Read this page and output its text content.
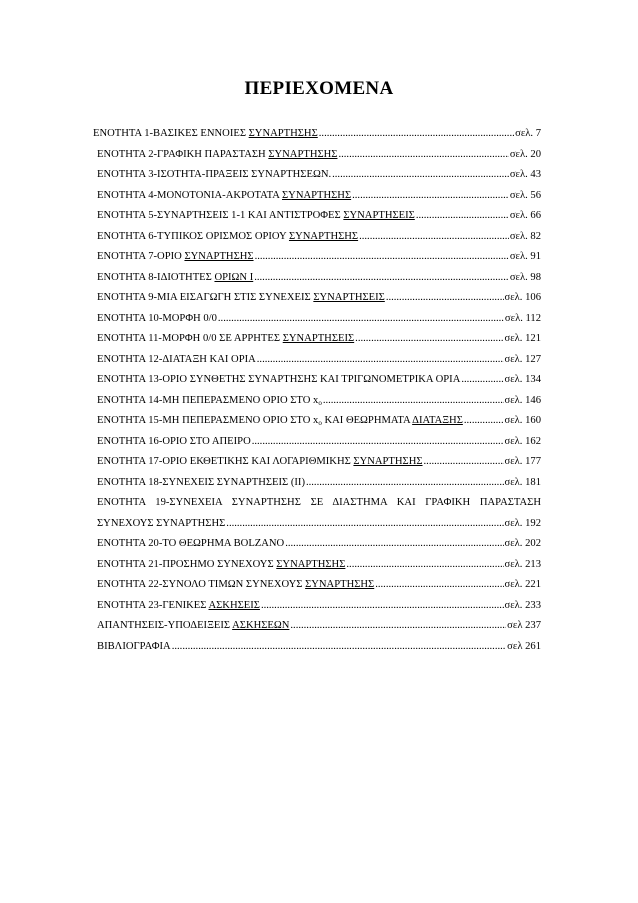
ΠΕΡΙΕΧΟΜΕΝΑ
ΕΝΟΤΗΤΑ 1-ΒΑΣΙΚΕΣ ΕΝΝΟΙΕΣ ΣΥΝΑΡΤΗΣΗΣ .....	σελ. 7
ΕΝΟΤΗΤΑ 2-ΓΡΑΦΙΚΗ ΠΑΡΑΣΤΑΣΗ ΣΥΝΑΡΤΗΣΗΣ .....	σελ. 20
ΕΝΟΤΗΤΑ 3-ΙΣΟΤΗΤΑ-ΠΡΑΞΕΙΣ ΣΥΝΑΡΤΗΣΕΩΝ. .....	σελ. 43
ΕΝΟΤΗΤΑ 4-ΜΟΝΟΤΟΝΙΑ-ΑΚΡΟΤΑΤΑ ΣΥΝΑΡΤΗΣΗΣ .....	σελ. 56
ΕΝΟΤΗΤΑ 5-ΣΥΝΑΡΤΗΣΕΙΣ 1-1 ΚΑΙ ΑΝΤΙΣΤΡΟΦΕΣ ΣΥΝΑΡΤΗΣΕΙΣ .....	σελ. 66
ΕΝΟΤΗΤΑ 6-ΤΥΠΙΚΟΣ ΟΡΙΣΜΟΣ ΟΡΙΟΥ ΣΥΝΑΡΤΗΣΗΣ .....	σελ. 82
ΕΝΟΤΗΤΑ 7-ΟΡΙΟ ΣΥΝΑΡΤΗΣΗΣ .....	σελ. 91
ΕΝΟΤΗΤΑ 8-ΙΔΙΟΤΗΤΕΣ ΟΡΙΩΝ Ι .....	σελ. 98
ΕΝΟΤΗΤΑ 9-ΜΙΑ ΕΙΣΑΓΩΓΗ ΣΤΙΣ ΣΥΝΕΧΕΙΣ ΣΥΝΑΡΤΗΣΕΙΣ .....	σελ. 106
ΕΝΟΤΗΤΑ 10-ΜΟΡΦΗ 0/0 .....	σελ. 112
ΕΝΟΤΗΤΑ 11-ΜΟΡΦΗ 0/0 ΣΕ ΑΡΡΗΤΕΣ ΣΥΝΑΡΤΗΣΕΙΣ .....	σελ. 121
ΕΝΟΤΗΤΑ 12-ΔΙΑΤΑΞΗ ΚΑΙ ΟΡΙΑ .....	σελ. 127
ΕΝΟΤΗΤΑ 13-ΟΡΙΟ ΣΥΝΘΕΤΗΣ ΣΥΝΑΡΤΗΣΗΣ ΚΑΙ ΤΡΙΓΩΝΟΜΕΤΡΙΚΑ ΟΡΙΑ .....	σελ. 134
ΕΝΟΤΗΤΑ 14-ΜΗ ΠΕΠΕΡΑΣΜΕΝΟ ΟΡΙΟ ΣΤΟ xo .....	σελ. 146
ΕΝΟΤΗΤΑ 15-ΜΗ ΠΕΠΕΡΑΣΜΕΝΟ ΟΡΙΟ ΣΤΟ xo ΚΑΙ ΘΕΩΡΗΜΑΤΑ ΔΙΑΤΑΞΗΣ .....	σελ. 160
ΕΝΟΤΗΤΑ 16-ΟΡΙΟ ΣΤΟ ΑΠΕΙΡΟ .....	σελ. 162
ΕΝΟΤΗΤΑ 17-ΟΡΙΟ ΕΚΘΕΤΙΚΗΣ ΚΑΙ ΛΟΓΑΡΙΘΜΙΚΗΣ ΣΥΝΑΡΤΗΣΗΣ .....	σελ. 177
ΕΝΟΤΗΤΑ 18-ΣΥΝΕΧΕΙΣ ΣΥΝΑΡΤΗΣΕΙΣ (ΙΙ) .....	σελ. 181
ΕΝΟΤΗΤΑ 19-ΣΥΝΕΧΕΙΑ ΣΥΝΑΡΤΗΣΗΣ ΣΕ ΔΙΑΣΤΗΜΑ ΚΑΙ ΓΡΑΦΙΚΗ ΠΑΡΑΣΤΑΣΗ
ΣΥΝΕΧΟΥΣ ΣΥΝΑΡΤΗΣΗΣ .....	σελ. 192
ΕΝΟΤΗΤΑ 20-ΤΟ ΘΕΩΡΗΜΑ BOLZANO .....	σελ. 202
ΕΝΟΤΗΤΑ 21-ΠΡΟΣΗΜΟ ΣΥΝΕΧΟΥΣ ΣΥΝΑΡΤΗΣΗΣ .....	σελ. 213
ΕΝΟΤΗΤΑ 22-ΣΥΝΟΛΟ ΤΙΜΩΝ ΣΥΝΕΧΟΥΣ ΣΥΝΑΡΤΗΣΗΣ .....	σελ. 221
ΕΝΟΤΗΤΑ 23-ΓΕΝΙΚΕΣ ΑΣΚΗΣΕΙΣ .....	σελ. 233
ΑΠΑΝΤΗΣΕΙΣ-ΥΠΟΔΕΙΞΕΙΣ ΑΣΚΗΣΕΩΝ .....	σελ 237
ΒΙΒΛΙΟΓΡΑΦΙΑ .....	σελ 261
